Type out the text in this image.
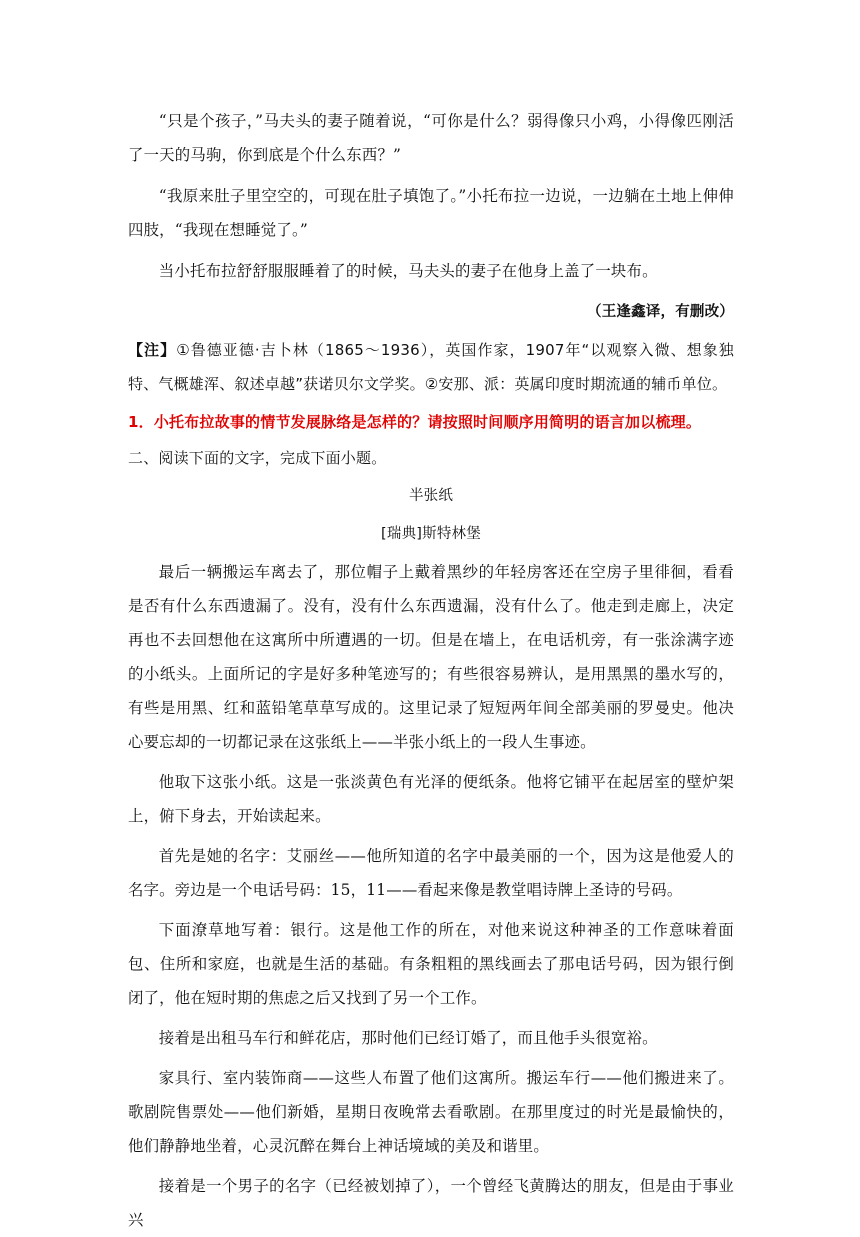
“只是个孩子，”马夫头的妻子随着说，“可你是什么？弱得像只小鸡，小得像匹刚活了一天的马驹，你到底是个什么东西？”

“我原来肚子里空空的，可现在肚子填饱了。”小托布拉一边说，一边躺在土地上伸伸四肢，“我现在想睡觉了。”

当小托布拉舒舒服服睡着了的时候，马夫头的妻子在他身上盖了一块布。

（王逢鑫译，有删改）

【注】①鲁德亚德·吉卜林（1865～1936），英国作家，1907年“以观察入微、想象独特、气概雄浑、叙述卓越”获诺贝尔文学奖。②安那、派：英属印度时期流通的辅币单位。

1．小托布拉故事的情节发展脉络是怎样的？请按照时间顺序用简明的语言加以梳理。

二、阅读下面的文字，完成下面小题。

半张纸

[瑞典]斯特林堡

最后一辆搬运车离去了，那位帽子上戴着黑纱的年轻房客还在空房子里徘徊，看看是否有什么东西遗漏了。没有，没有什么东西遗漏，没有什么了。他走到走廊上，决定再也不去回想他在这寓所中所遭遇的一切。但是在墙上，在电话机旁，有一张涂满字迹的小纸头。上面所记的字是好多种笔迹写的；有些很容易辨认，是用黑黑的墨水写的，有些是用黑、红和蓝铅笔草草写成的。这里记录了短短两年间全部美丽的罗曼史。他决心要忘却的一切都记录在这张纸上——半张小纸上的一段人生事迹。

他取下这张小纸。这是一张淡黄色有光泽的便纸条。他将它铺平在起居室的壁炉架上，俯下身去，开始读起来。

首先是她的名字：艾丽丝——他所知道的名字中最美丽的一个，因为这是他爱人的名字。旁边是一个电话号码：15，11——看起来像是教堂唱诗牌上圣诗的号码。

下面潦草地写着：银行。这是他工作的所在，对他来说这种神圣的工作意味着面包、住所和家庭，也就是生活的基础。有条粗粗的黑线画去了那电话号码，因为银行倒闭了，他在短时期的焦虑之后又找到了另一个工作。

接着是出租马车行和鲜花店，那时他们已经订婚了，而且他手头很宽裕。

家具行、室内装饰商——这些人布置了他们这寓所。搬运车行——他们搬进来了。歌剧院售票处——他们新婚，星期日夜晚常去看歌剧。在那里度过的时光是最愉快的，他们静静地坐着，心灵沉醉在舞台上神话境域的美及和谐里。

接着是一个男子的名字（已经被划掉了），一个曾经飞黄腾达的朋友，但是由于事业兴
